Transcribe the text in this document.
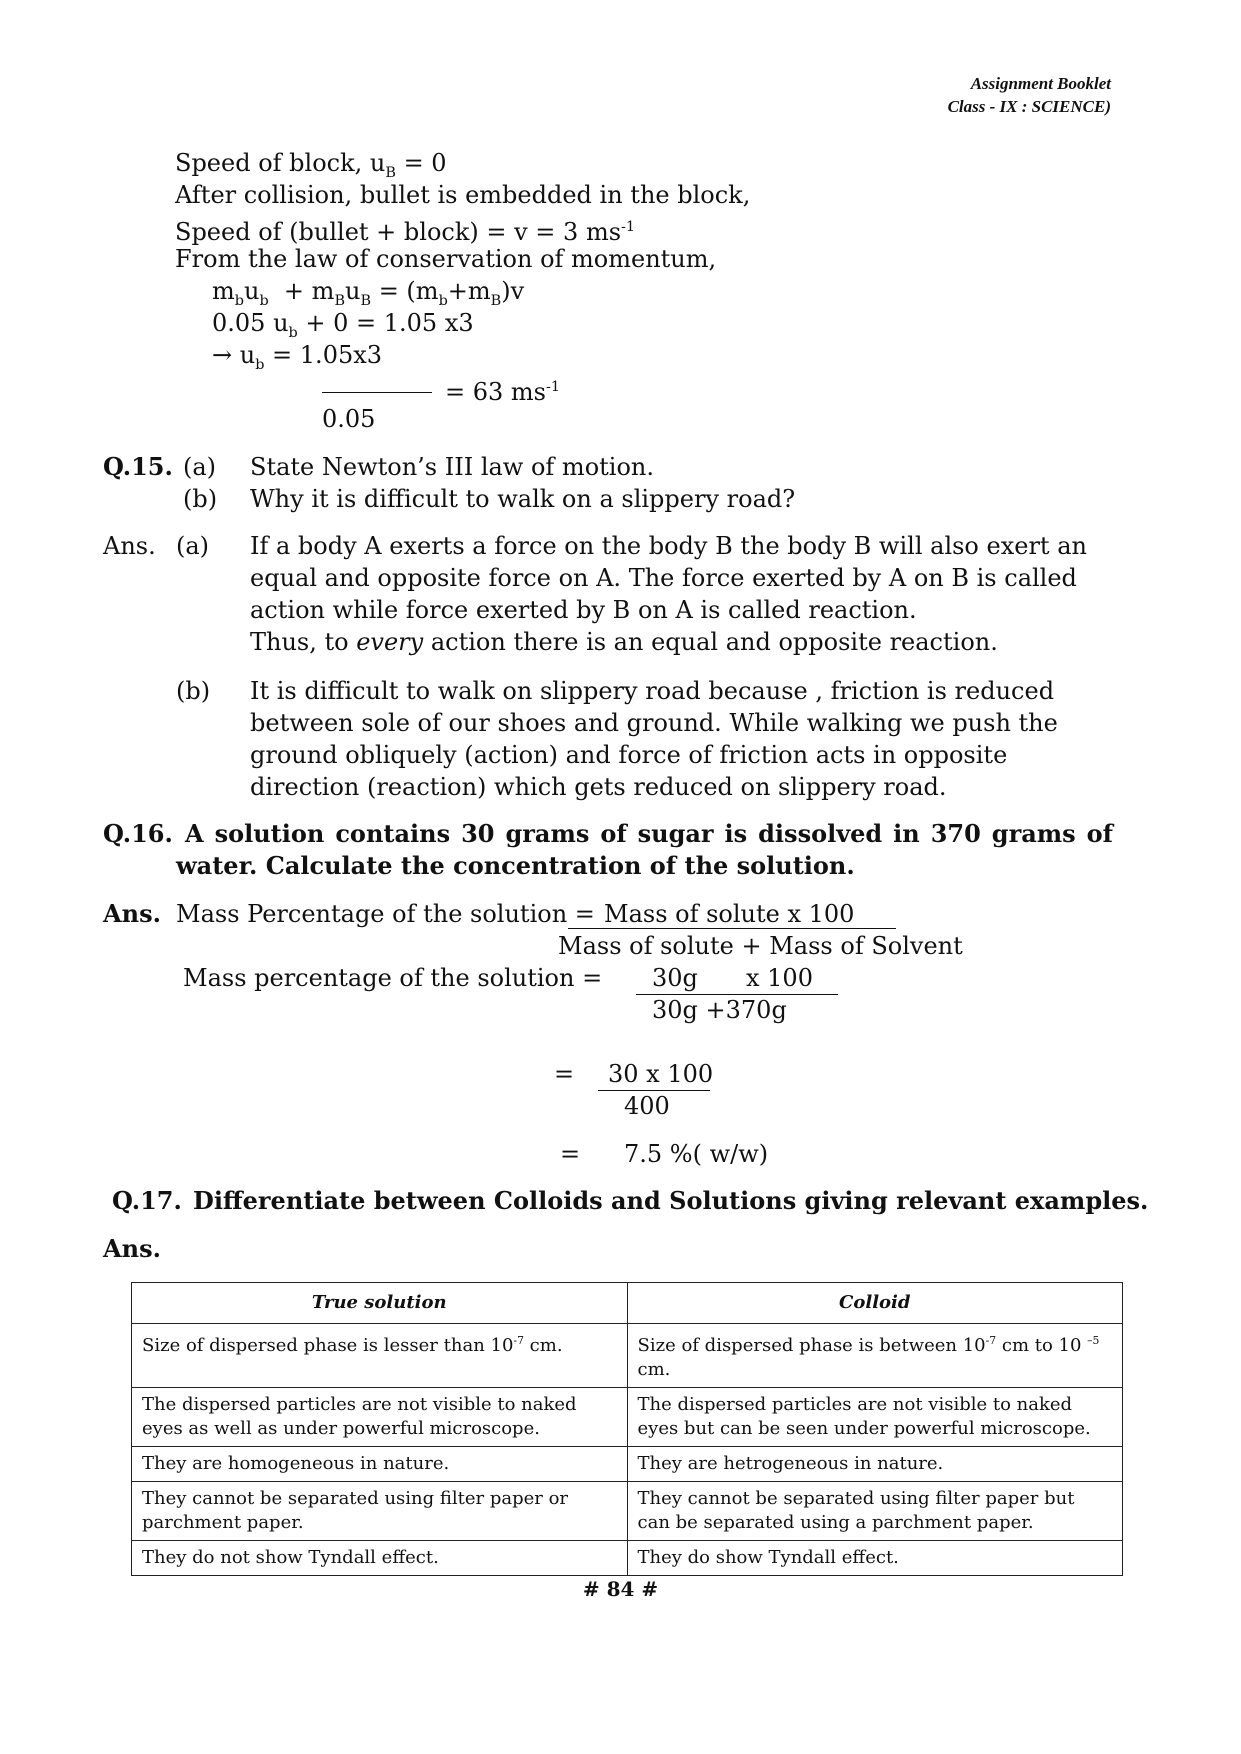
Assignment Booklet
Class - IX : SCIENCE)
Speed of block, $u_B = 0$
After collision, bullet is embedded in the block,
Speed of (bullet + block) = v = 3 $ms^{-1}$
From the law of conservation of momentum,
$m_bu_b + m_Bu_B = (m_b+m_B)v$
0.05 $u_b + 0 = 1.05$ x3
→ $u_b = 1.05x3$
= 63 $ms^{-1}$
0.05
Q.15. (a) State Newton’s III law of motion.
(b) Why it is difficult to walk on a slippery road?
Ans. (a) If a body A exerts a force on the body B the body B will also exert an equal and opposite force on A. The force exerted by A on B is called action while force exerted by B on A is called reaction.
Thus, to every action there is an equal and opposite reaction.
(b) It is difficult to walk on slippery road because , friction is reduced between sole of our shoes and ground. While walking we push the ground obliquely (action) and force of friction acts in opposite direction (reaction) which gets reduced on slippery road.
Q.16. A solution contains 30 grams of sugar is dissolved in 370 grams of
water. Calculate the concentration of the solution.
Ans. Mass Percentage of the solution = Mass of solute x 100
Mass of solute + Mass of Solvent
Mass percentage of the solution = 30g x 100
30g +370g
= 30 x 100
400
= 7.5 %( w/w)
Q.17. Differentiate between Colloids and Solutions giving relevant examples.
Ans.
True solution	Colloid
Size of dispersed phase is lesser than $10^{-7}$ cm.	Size of dispersed phase is between $10^{-7}$ cm to 10 $^{-5}$ cm.
The dispersed particles are not visible to naked eyes as well as under powerful microscope.	The dispersed particles are not visible to naked eyes but can be seen under powerful microscope.
They are homogeneous in nature.	They are hetrogeneous in nature.
They cannot be separated using filter paper or parchment paper.	They cannot be separated using filter paper but can be separated using a parchment paper.
They do not show Tyndall effect.	They do show Tyndall effect.
# 84 #
